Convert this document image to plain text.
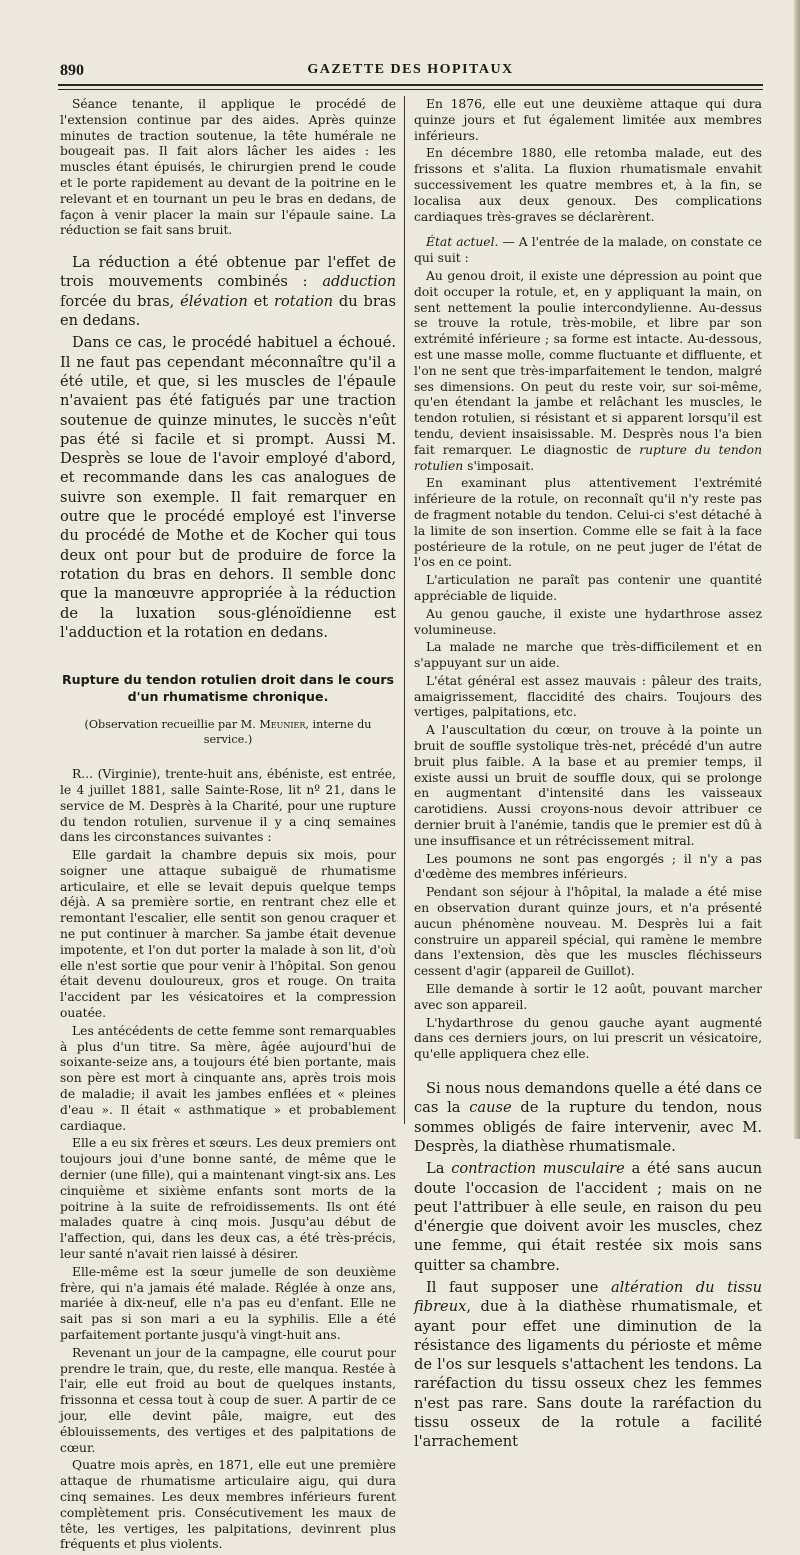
890	GAZETTE DES HOPITAUX

Séance tenante, il applique le procédé de l'extension continue par des aides. Après quinze minutes de traction soutenue, la tête humérale ne bougeait pas. Il fait alors lâcher les aides : les muscles étant épuisés, le chirurgien prend le coude et le porte rapidement au devant de la poitrine en le relevant et en tournant un peu le bras en dedans, de façon à venir placer la main sur l'épaule saine. La réduction se fait sans bruit.

La réduction a été obtenue par l'effet de trois mouvements combinés : adduction forcée du bras, élévation et rotation du bras en dedans.

Dans ce cas, le procédé habituel a échoué. Il ne faut pas cependant méconnaître qu'il a été utile, et que, si les muscles de l'épaule n'avaient pas été fatigués par une traction soutenue de quinze minutes, le succès n'eût pas été si facile et si prompt. Aussi M. Desprès se loue de l'avoir employé d'abord, et recommande dans les cas analogues de suivre son exemple. Il fait remarquer en outre que le procédé employé est l'inverse du procédé de Mothe et de Kocher qui tous deux ont pour but de produire de force la rotation du bras en dehors. Il semble donc que la manœuvre appropriée à la réduction de la luxation sous-glénoïdienne est l'adduction et la rotation en dedans.

Rupture du tendon rotulien droit dans le cours

d'un rhumatisme chronique.

(Observation recueillie par M. Meunier, interne du service.)

R... (Virginie), trente-huit ans, ébéniste, est entrée, le 4 juillet 1881, salle Sainte-Rose, lit nº 21, dans le service de M. Desprès à la Charité, pour une rupture du tendon rotulien, survenue il y a cinq semaines dans les circonstances suivantes :

Elle gardait la chambre depuis six mois, pour soigner une attaque subaiguë de rhumatisme articulaire, et elle se levait depuis quelque temps déjà. A sa première sortie, en rentrant chez elle et remontant l'escalier, elle sentit son genou craquer et ne put continuer à marcher. Sa jambe était devenue impotente, et l'on dut porter la malade à son lit, d'où elle n'est sortie que pour venir à l'hôpital. Son genou était devenu douloureux, gros et rouge. On traita l'accident par les vésicatoires et la compression ouatée.

Les antécédents de cette femme sont remarquables à plus d'un titre. Sa mère, âgée aujourd'hui de soixante-seize ans, a toujours été bien portante, mais son père est mort à cinquante ans, après trois mois de maladie; il avait les jambes enflées et « pleines d'eau ». Il était « asthmatique » et probablement cardiaque.

Elle a eu six frères et sœurs. Les deux premiers ont toujours joui d'une bonne santé, de même que le dernier (une fille), qui a maintenant vingt-six ans. Les cinquième et sixième enfants sont morts de la poitrine à la suite de refroidissements. Ils ont été malades quatre à cinq mois. Jusqu'au début de l'affection, qui, dans les deux cas, a été très-précis, leur santé n'avait rien laissé à désirer.

Elle-même est la sœur jumelle de son deuxième frère, qui n'a jamais été malade. Réglée à onze ans, mariée à dix-neuf, elle n'a pas eu d'enfant. Elle ne sait pas si son mari a eu la syphilis. Elle a été parfaitement portante jusqu'à vingt-huit ans.

Revenant un jour de la campagne, elle courut pour prendre le train, que, du reste, elle manqua. Restée à l'air, elle eut froid au bout de quelques instants, frissonna et cessa tout à coup de suer. A partir de ce jour, elle devint pâle, maigre, eut des éblouissements, des vertiges et des palpitations de cœur.

Quatre mois après, en 1871, elle eut une première attaque de rhumatisme articulaire aigu, qui dura cinq semaines. Les deux membres inférieurs furent complètement pris. Consécutivement les maux de tête, les vertiges, les palpitations, devinrent plus fréquents et plus violents.

En 1876, elle eut une deuxième attaque qui dura quinze jours et fut également limitée aux membres inférieurs.

En décembre 1880, elle retomba malade, eut des frissons et s'alita. La fluxion rhumatismale envahit successivement les quatre membres et, à la fin, se localisa aux deux genoux. Des complications cardiaques très-graves se déclarèrent.

État actuel. — A l'entrée de la malade, on constate ce qui suit :

Au genou droit, il existe une dépression au point que doit occuper la rotule, et, en y appliquant la main, on sent nettement la poulie intercondylienne. Au-dessus se trouve la rotule, très-mobile, et libre par son extrémité inférieure ; sa forme est intacte. Au-dessous, est une masse molle, comme fluctuante et diffluente, et l'on ne sent que très-imparfaitement le tendon, malgré ses dimensions. On peut du reste voir, sur soi-même, qu'en étendant la jambe et relâchant les muscles, le tendon rotulien, si résistant et si apparent lorsqu'il est tendu, devient insaisissable. M. Desprès nous l'a bien fait remarquer. Le diagnostic de rupture du tendon rotulien s'imposait.

En examinant plus attentivement l'extrémité inférieure de la rotule, on reconnaît qu'il n'y reste pas de fragment notable du tendon. Celui-ci s'est détaché à la limite de son insertion. Comme elle se fait à la face postérieure de la rotule, on ne peut juger de l'état de l'os en ce point.

L'articulation ne paraît pas contenir une quantité appréciable de liquide.

Au genou gauche, il existe une hydarthrose assez volumineuse.

La malade ne marche que très-difficilement et en s'appuyant sur un aide.

L'état général est assez mauvais : pâleur des traits, amaigrissement, flaccidité des chairs. Toujours des vertiges, palpitations, etc.

A l'auscultation du cœur, on trouve à la pointe un bruit de souffle systolique très-net, précédé d'un autre bruit plus faible. A la base et au premier temps, il existe aussi un bruit de souffle doux, qui se prolonge en augmentant d'intensité dans les vaisseaux carotidiens. Aussi croyons-nous devoir attribuer ce dernier bruit à l'anémie, tandis que le premier est dû à une insuffisance et un rétrécissement mitral.

Les poumons ne sont pas engorgés ; il n'y a pas d'œdème des membres inférieurs.

Pendant son séjour à l'hôpital, la malade a été mise en observation durant quinze jours, et n'a présenté aucun phénomène nouveau. M. Desprès lui a fait construire un appareil spécial, qui ramène le membre dans l'extension, dès que les muscles fléchisseurs cessent d'agir (appareil de Guillot).

Elle demande à sortir le 12 août, pouvant marcher avec son appareil.

L'hydarthrose du genou gauche ayant augmenté dans ces derniers jours, on lui prescrit un vésicatoire, qu'elle appliquera chez elle.

Si nous nous demandons quelle a été dans ce cas la cause de la rupture du tendon, nous sommes obligés de faire intervenir, avec M. Desprès, la diathèse rhumatismale.

La contraction musculaire a été sans aucun doute l'occasion de l'accident ; mais on ne peut l'attribuer à elle seule, en raison du peu d'énergie que doivent avoir les muscles, chez une femme, qui était restée six mois sans quitter sa chambre.

Il faut supposer une altération du tissu fibreux, due à la diathèse rhumatismale, et ayant pour effet une diminution de la résistance des ligaments du périoste et même de l'os sur lesquels s'attachent les tendons. La raréfaction du tissu osseux chez les femmes n'est pas rare. Sans doute la raréfaction du tissu osseux de la rotule a facilité l'arrachement
